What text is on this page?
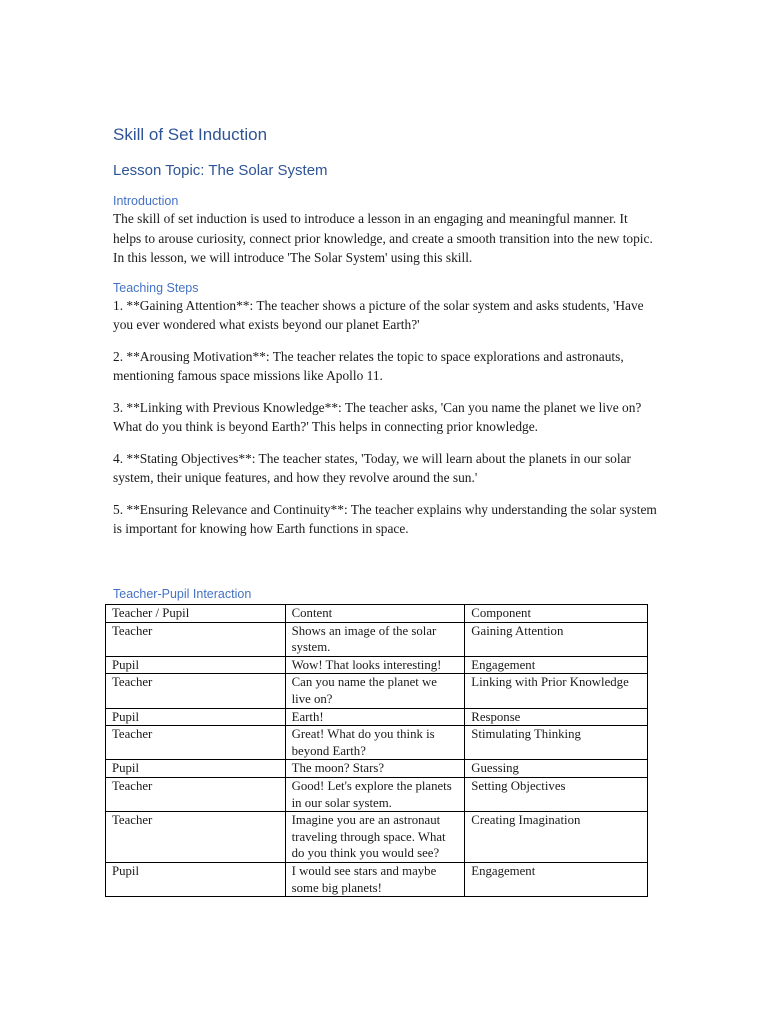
Skill of Set Induction
Lesson Topic: The Solar System
Introduction

The skill of set induction is used to introduce a lesson in an engaging and meaningful manner. It helps to arouse curiosity, connect prior knowledge, and create a smooth transition into the new topic. In this lesson, we will introduce 'The Solar System' using this skill.

Teaching Steps

1. **Gaining Attention**: The teacher shows a picture of the solar system and asks students, 'Have you ever wondered what exists beyond our planet Earth?'

2. **Arousing Motivation**: The teacher relates the topic to space explorations and astronauts, mentioning famous space missions like Apollo 11.

3. **Linking with Previous Knowledge**: The teacher asks, 'Can you name the planet we live on? What do you think is beyond Earth?' This helps in connecting prior knowledge.

4. **Stating Objectives**: The teacher states, 'Today, we will learn about the planets in our solar system, their unique features, and how they revolve around the sun.'

5. **Ensuring Relevance and Continuity**: The teacher explains why understanding the solar system is important for knowing how Earth functions in space.

Teacher-Pupil Interaction
Teacher / Pupil	Content	Component
Teacher	Shows an image of the solar system.	Gaining Attention
Pupil	Wow! That looks interesting!	Engagement
Teacher	Can you name the planet we live on?	Linking with Prior Knowledge
Pupil	Earth!	Response
Teacher	Great! What do you think is beyond Earth?	Stimulating Thinking
Pupil	The moon? Stars?	Guessing
Teacher	Good! Let's explore the planets in our solar system.	Setting Objectives
Teacher	Imagine you are an astronaut traveling through space. What do you think you would see?	Creating Imagination
Pupil	I would see stars and maybe some big planets!	Engagement
